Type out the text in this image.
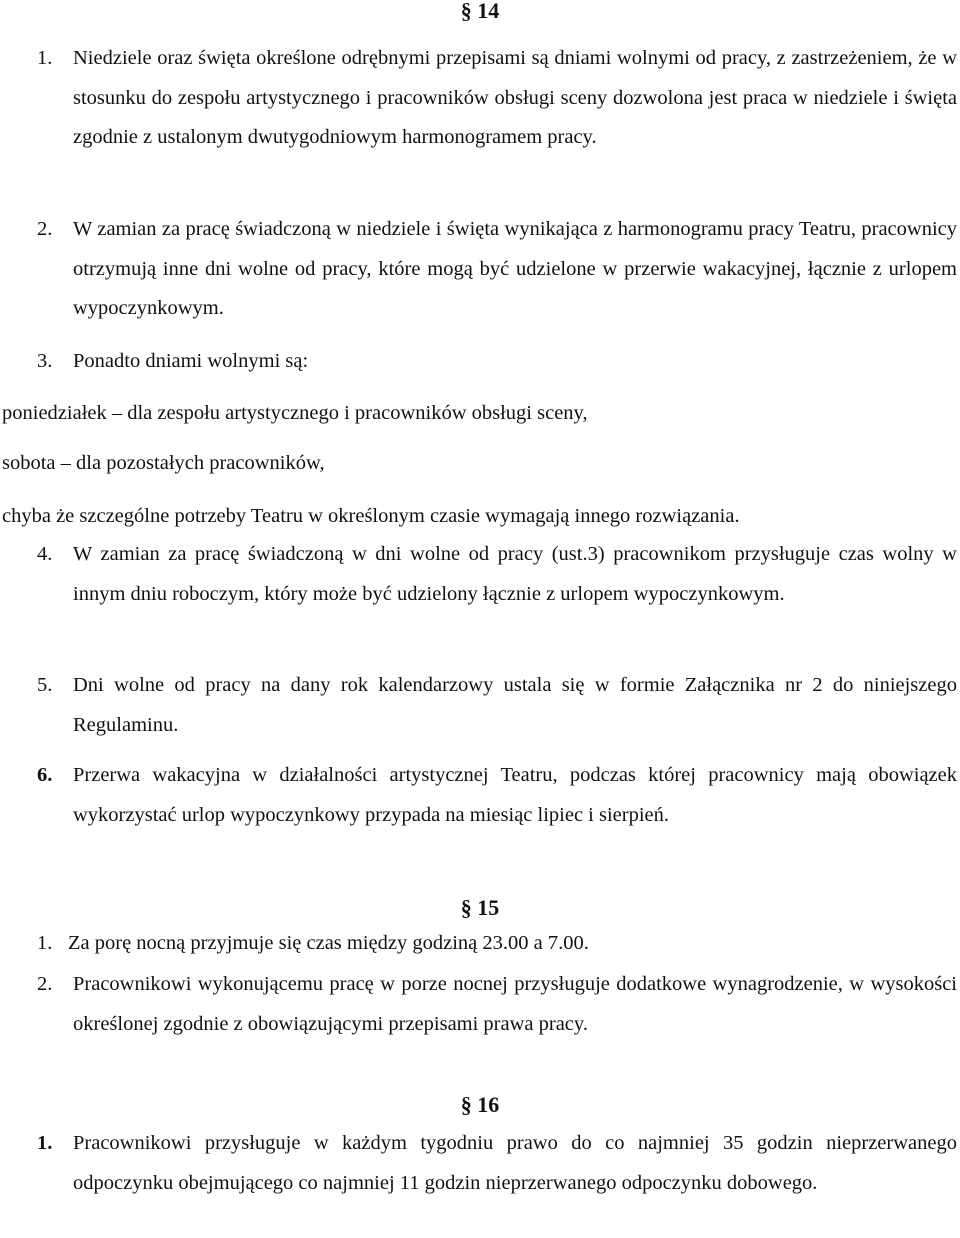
§ 14
1. Niedziele oraz święta określone odrębnymi przepisami są dniami wolnymi od pracy, z zastrzeżeniem, że w stosunku do zespołu artystycznego i pracowników obsługi sceny dozwolona jest praca w niedziele i święta zgodnie z ustalonym dwutygodniowym harmonogramem pracy.
2. W zamian za pracę świadczoną w niedziele i święta wynikająca z harmonogramu pracy Teatru, pracownicy otrzymują inne dni wolne od pracy, które mogą być udzielone w przerwie wakacyjnej, łącznie z urlopem wypoczynkowym.
3. Ponadto dniami wolnymi są:
poniedziałek – dla zespołu artystycznego i pracowników obsługi sceny,
sobota – dla pozostałych pracowników,
chyba że szczególne potrzeby Teatru w określonym czasie wymagają innego rozwiązania.
4. W zamian za pracę świadczoną w dni wolne od pracy (ust.3) pracownikom przysługuje czas wolny w innym dniu roboczym, który może być udzielony łącznie z urlopem wypoczynkowym.
5. Dni wolne od pracy na dany rok kalendarzowy ustala się w formie Załącznika nr 2 do niniejszego Regulaminu.
6. Przerwa wakacyjna w działalności artystycznej Teatru, podczas której pracownicy mają obowiązek wykorzystać urlop wypoczynkowy przypada na miesiąc lipiec i sierpień.
§ 15
1. Za porę nocną przyjmuje się czas między godziną 23.00 a 7.00.
2. Pracownikowi wykonującemu pracę w porze nocnej przysługuje dodatkowe wynagrodzenie, w wysokości określonej zgodnie z obowiązującymi przepisami prawa pracy.
§ 16
1. Pracownikowi przysługuje w każdym tygodniu prawo do co najmniej 35 godzin nieprzerwanego odpoczynku obejmującego co najmniej 11 godzin nieprzerwanego odpoczynku dobowego.
